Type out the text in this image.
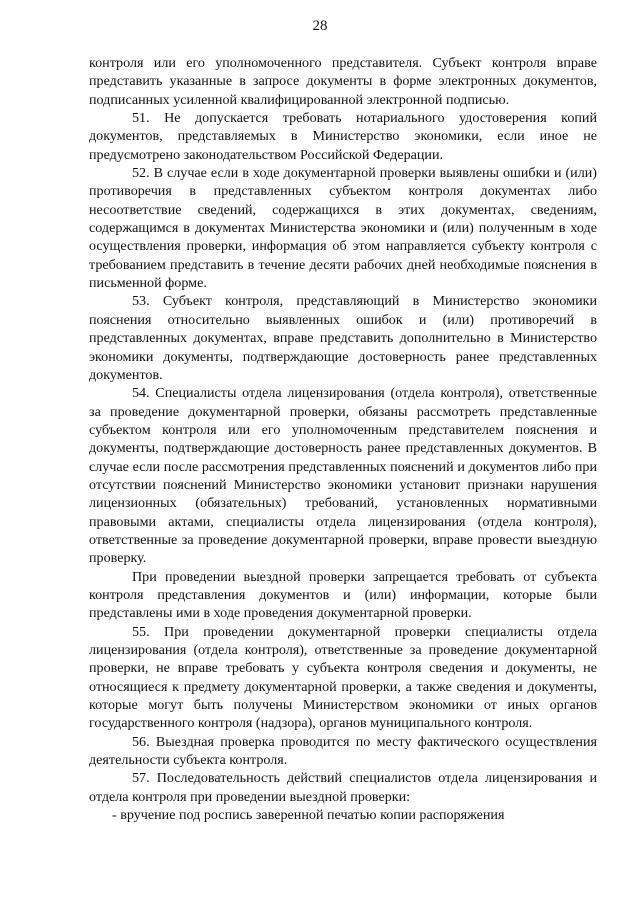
28

контроля или его уполномоченного представителя. Субъект контроля вправе представить указанные в запросе документы в форме электронных документов, подписанных усиленной квалифицированной электронной подписью.

51. Не допускается требовать нотариального удостоверения копий документов, представляемых в Министерство экономики, если иное не предусмотрено законодательством Российской Федерации.

52. В случае если в ходе документарной проверки выявлены ошибки и (или) противоречия в представленных субъектом контроля документах либо несоответствие сведений, содержащихся в этих документах, сведениям, содержащимся в документах Министерства экономики и (или) полученным в ходе осуществления проверки, информация об этом направляется субъекту контроля с требованием представить в течение десяти рабочих дней необходимые пояснения в письменной форме.

53. Субъект контроля, представляющий в Министерство экономики пояснения относительно выявленных ошибок и (или) противоречий в представленных документах, вправе представить дополнительно в Министерство экономики документы, подтверждающие достоверность ранее представленных документов.

54. Специалисты отдела лицензирования (отдела контроля), ответственные за проведение документарной проверки, обязаны рассмотреть представленные субъектом контроля или его уполномоченным представителем пояснения и документы, подтверждающие достоверность ранее представленных документов. В случае если после рассмотрения представленных пояснений и документов либо при отсутствии пояснений Министерство экономики установит признаки нарушения лицензионных (обязательных) требований, установленных нормативными правовыми актами, специалисты отдела лицензирования (отдела контроля), ответственные за проведение документарной проверки, вправе провести выездную проверку.

При проведении выездной проверки запрещается требовать от субъекта контроля представления документов и (или) информации, которые были представлены ими в ходе проведения документарной проверки.

55. При проведении документарной проверки специалисты отдела лицензирования (отдела контроля), ответственные за проведение документарной проверки, не вправе требовать у субъекта контроля сведения и документы, не относящиеся к предмету документарной проверки, а также сведения и документы, которые могут быть получены Министерством экономики от иных органов государственного контроля (надзора), органов муниципального контроля.

56. Выездная проверка проводится по месту фактического осуществления деятельности субъекта контроля.

57. Последовательность действий специалистов отдела лицензирования и отдела контроля при проведении выездной проверки:

- вручение под роспись заверенной печатью копии распоряжения
